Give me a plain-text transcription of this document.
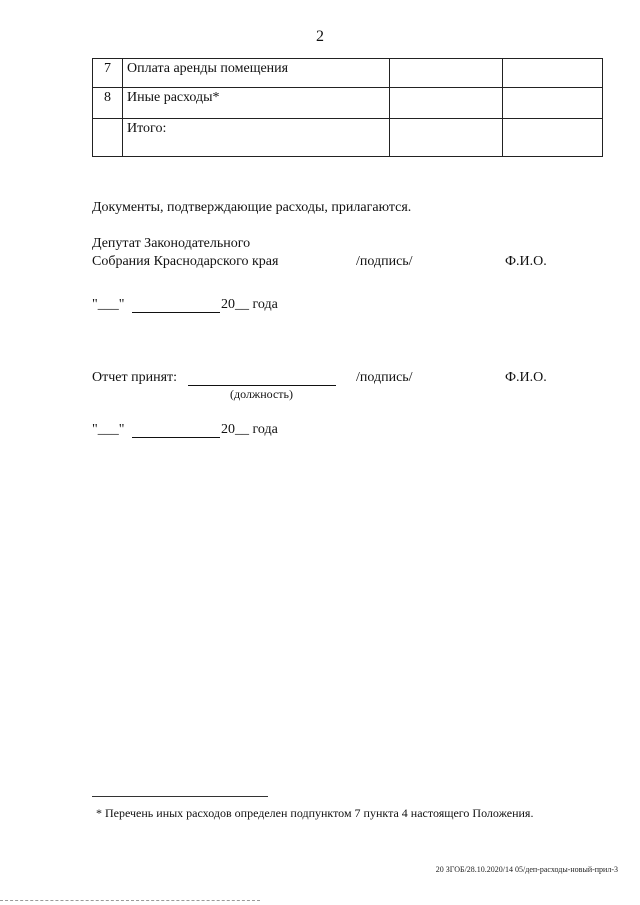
2
7	Оплата аренды помещения		
8	Иные расходы*		
	Итого:		
Документы, подтверждающие расходы, прилагаются.
Депутат Законодательного
Собрания Краснодарского края	/подпись/	Ф.И.О.
"___"	20__ года
Отчет принят:
(должность)
/подпись/	Ф.И.О.
"___"	20__ года
* Перечень иных расходов определен подпунктом 7 пункта 4 настоящего Положения.
20 ЗГОБ/28.10.2020/14 05/деп-расходы-новый-прил-3
